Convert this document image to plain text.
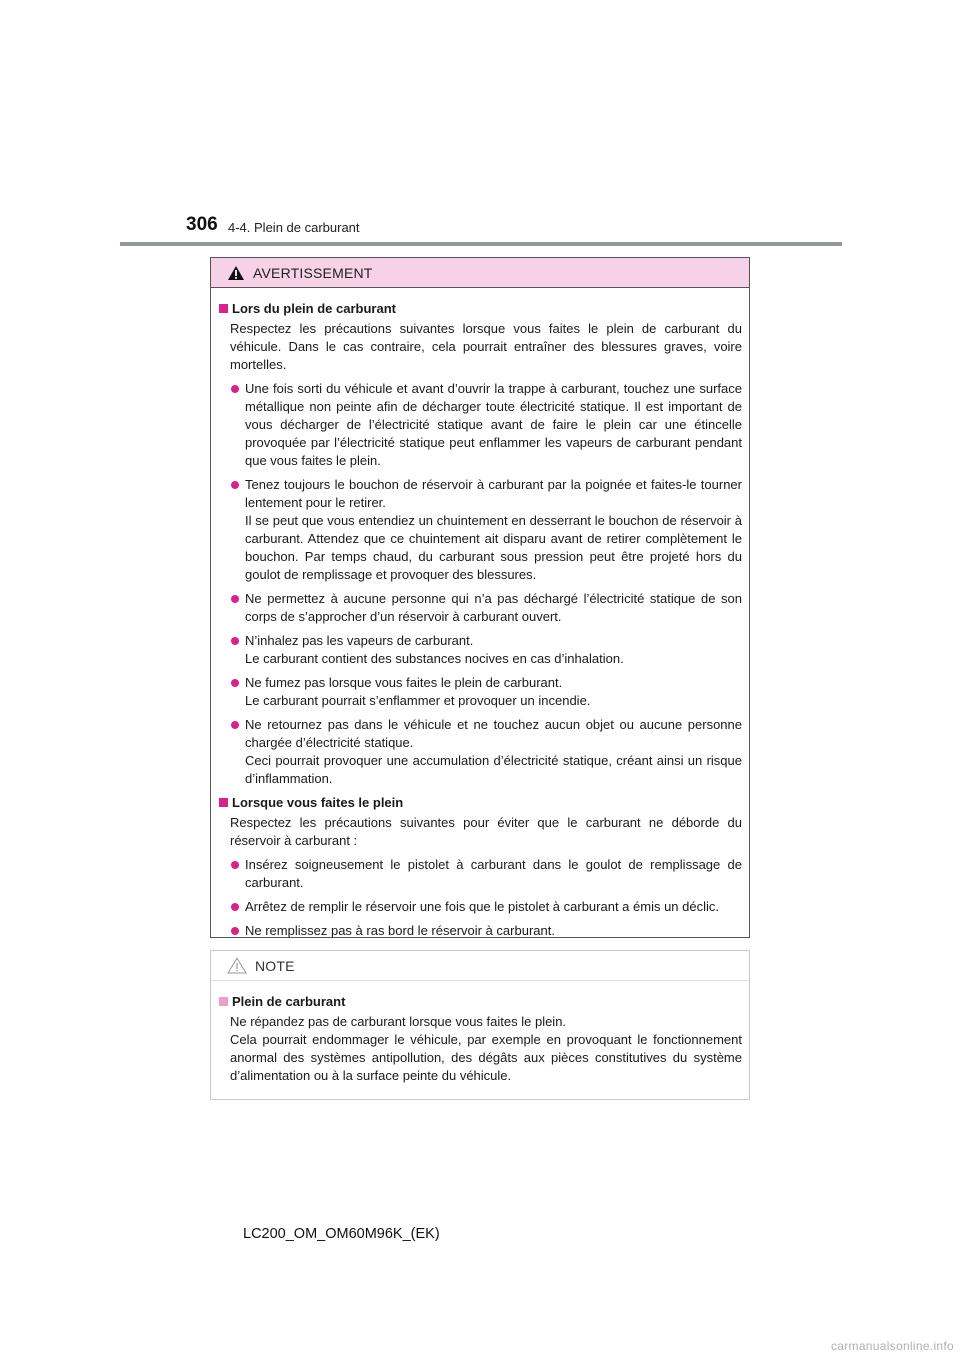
306 4-4. Plein de carburant
AVERTISSEMENT
Lors du plein de carburant
Respectez les précautions suivantes lorsque vous faites le plein de carburant du véhicule. Dans le cas contraire, cela pourrait entraîner des blessures graves, voire mortelles.
Une fois sorti du véhicule et avant d’ouvrir la trappe à carburant, touchez une surface métallique non peinte afin de décharger toute électricité statique. Il est important de vous décharger de l’électricité statique avant de faire le plein car une étincelle provoquée par l’électricité statique peut enflammer les vapeurs de carburant pendant que vous faites le plein.
Tenez toujours le bouchon de réservoir à carburant par la poignée et faites-le tourner lentement pour le retirer.
Il se peut que vous entendiez un chuintement en desserrant le bouchon de réservoir à carburant. Attendez que ce chuintement ait disparu avant de retirer complètement le bouchon. Par temps chaud, du carburant sous pression peut être projeté hors du goulot de remplissage et provoquer des blessures.
Ne permettez à aucune personne qui n’a pas déchargé l’électricité statique de son corps de s’approcher d’un réservoir à carburant ouvert.
N’inhalez pas les vapeurs de carburant.
Le carburant contient des substances nocives en cas d’inhalation.
Ne fumez pas lorsque vous faites le plein de carburant.
Le carburant pourrait s’enflammer et provoquer un incendie.
Ne retournez pas dans le véhicule et ne touchez aucun objet ou aucune personne chargée d’électricité statique.
Ceci pourrait provoquer une accumulation d’électricité statique, créant ainsi un risque d’inflammation.
Lorsque vous faites le plein
Respectez les précautions suivantes pour éviter que le carburant ne déborde du réservoir à carburant :
Insérez soigneusement le pistolet à carburant dans le goulot de remplissage de carburant.
Arrêtez de remplir le réservoir une fois que le pistolet à carburant a émis un déclic.
Ne remplissez pas à ras bord le réservoir à carburant.
NOTE
Plein de carburant
Ne répandez pas de carburant lorsque vous faites le plein.
Cela pourrait endommager le véhicule, par exemple en provoquant le fonctionnement anormal des systèmes antipollution, des dégâts aux pièces constitutives du système d’alimentation ou à la surface peinte du véhicule.
LC200_OM_OM60M96K_(EK)
carmanualsonline.info
